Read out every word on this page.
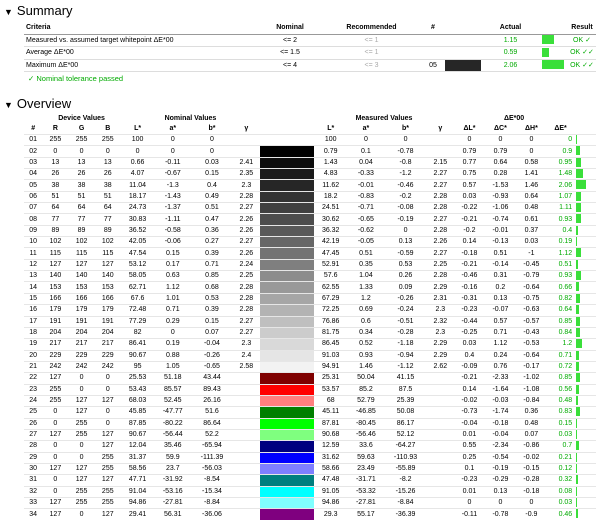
▼ Summary
Criteria	Nominal	Recommended	#		Actual		Result
Measured vs. assumed target whitepoint ΔE*00	<= 2	<= 1			1.15		OK ✓
Average ΔE*00	<= 1.5	<= 1			0.59		OK ✓✓
Maximum ΔE*00	<= 4	<= 3	05		2.06		OK ✓✓
✓ Nominal tolerance passed
▼ Overview
	Device Values			Nominal Values					Measured Values				ΔE*00				
#	R	G	B	L*	a*	b*	γ		L*	a*	b*	γ	ΔL*	ΔC*	ΔH*	ΔE*	
01	255	255	255	100	0	0			100	0	0		0	0	0	0	
02	0	0	0	0	0	0			0.79	0.1	-0.78		0.79	0.79	0	0.9	
03	13	13	13	0.66	-0.11	0.03	2.41		1.43	0.04	-0.8	2.15	0.77	0.64	0.58	0.95	
04	26	26	26	4.07	-0.67	0.15	2.35		4.83	-0.33	-1.2	2.27	0.75	0.28	1.41	1.48	
05	38	38	38	11.04	-1.3	0.4	2.3		11.62	-0.01	-0.46	2.27	0.57	-1.53	1.46	2.06	
06	51	51	51	18.17	-1.43	0.49	2.28		18.2	-0.83	-0.2	2.28	0.03	-0.93	0.64	1.07	
07	64	64	64	24.73	-1.37	0.51	2.27		24.51	-0.71	-0.08	2.28	-0.22	-1.06	0.48	1.11	
08	77	77	77	30.83	-1.11	0.47	2.26		30.62	-0.65	-0.19	2.27	-0.21	-0.74	0.61	0.93	
09	89	89	89	36.52	-0.58	0.36	2.26		36.32	-0.62	0	2.28	-0.2	-0.01	0.37	0.4	
10	102	102	102	42.05	-0.06	0.27	2.27		42.19	-0.05	0.13	2.26	0.14	-0.13	0.03	0.19	
11	115	115	115	47.54	0.15	0.39	2.26		47.45	0.51	-0.59	2.27	-0.18	0.51	-1	1.12	
12	127	127	127	53.12	0.17	0.71	2.24		52.91	0.35	0.53	2.25	-0.21	-0.14	-0.45	0.51	
13	140	140	140	58.05	0.63	0.85	2.25		57.6	1.04	0.26	2.28	-0.46	0.31	-0.79	0.93	
14	153	153	153	62.71	1.12	0.68	2.28		62.55	1.33	0.09	2.29	-0.16	0.2	-0.64	0.66	
15	166	166	166	67.6	1.01	0.53	2.28		67.29	1.2	-0.26	2.31	-0.31	0.13	-0.75	0.82	
16	179	179	179	72.48	0.71	0.39	2.28		72.25	0.69	-0.24	2.3	-0.23	-0.07	-0.63	0.64	
17	191	191	191	77.29	0.29	0.15	2.27		76.86	0.6	-0.51	2.32	-0.44	0.57	-0.57	0.85	
18	204	204	204	82	0	0.07	2.27		81.75	0.34	-0.28	2.3	-0.25	0.71	-0.43	0.84	
19	217	217	217	86.41	0.19	-0.04	2.3		86.45	0.52	-1.18	2.29	0.03	1.12	-0.53	1.2	
20	229	229	229	90.67	0.88	-0.26	2.4		91.03	0.93	-0.94	2.29	0.4	0.24	-0.64	0.71	
21	242	242	242	95	1.05	-0.65	2.58		94.91	1.46	-1.12	2.62	-0.09	0.76	-0.17	0.72	
22	127	0	0	25.53	51.18	43.44			25.31	50.04	41.15		-0.21	-2.33	-1.02	0.85	
23	255	0	0	53.43	85.57	89.43			53.57	85.2	87.5		0.14	-1.64	-1.08	0.56	
24	255	127	127	68.03	52.45	26.16			68	52.79	25.39		-0.02	-0.03	-0.84	0.48	
25	0	127	0	45.85	-47.77	51.6			45.11	-46.85	50.08		-0.73	-1.74	0.36	0.83	
26	0	255	0	87.85	-80.22	86.64			87.81	-80.45	86.17		-0.04	-0.18	0.48	0.15	
27	127	255	127	90.67	-56.44	52.2			90.68	-56.46	52.12		0.01	-0.04	0.07	0.03	
28	0	0	127	12.04	35.46	-65.94			12.59	33.6	-64.27		0.55	-2.34	-0.86	0.7	
29	0	0	255	31.37	59.9	-111.39			31.62	59.63	-110.93		0.25	-0.54	-0.02	0.21	
30	127	127	255	58.56	23.7	-56.03			58.66	23.49	-55.89		0.1	-0.19	-0.15	0.12	
31	0	127	127	47.71	-31.92	-8.54			47.48	-31.71	-8.2		-0.23	-0.29	-0.28	0.32	
32	0	255	255	91.04	-53.16	-15.34			91.05	-53.32	-15.26		0.01	0.13	-0.18	0.08	
33	127	255	255	94.86	-27.81	-8.84			94.86	-27.81	-8.84		0	0	0	0.03	
34	127	0	127	29.41	56.31	-36.06			29.3	55.17	-36.39		-0.11	-0.78	-0.9	0.46	
